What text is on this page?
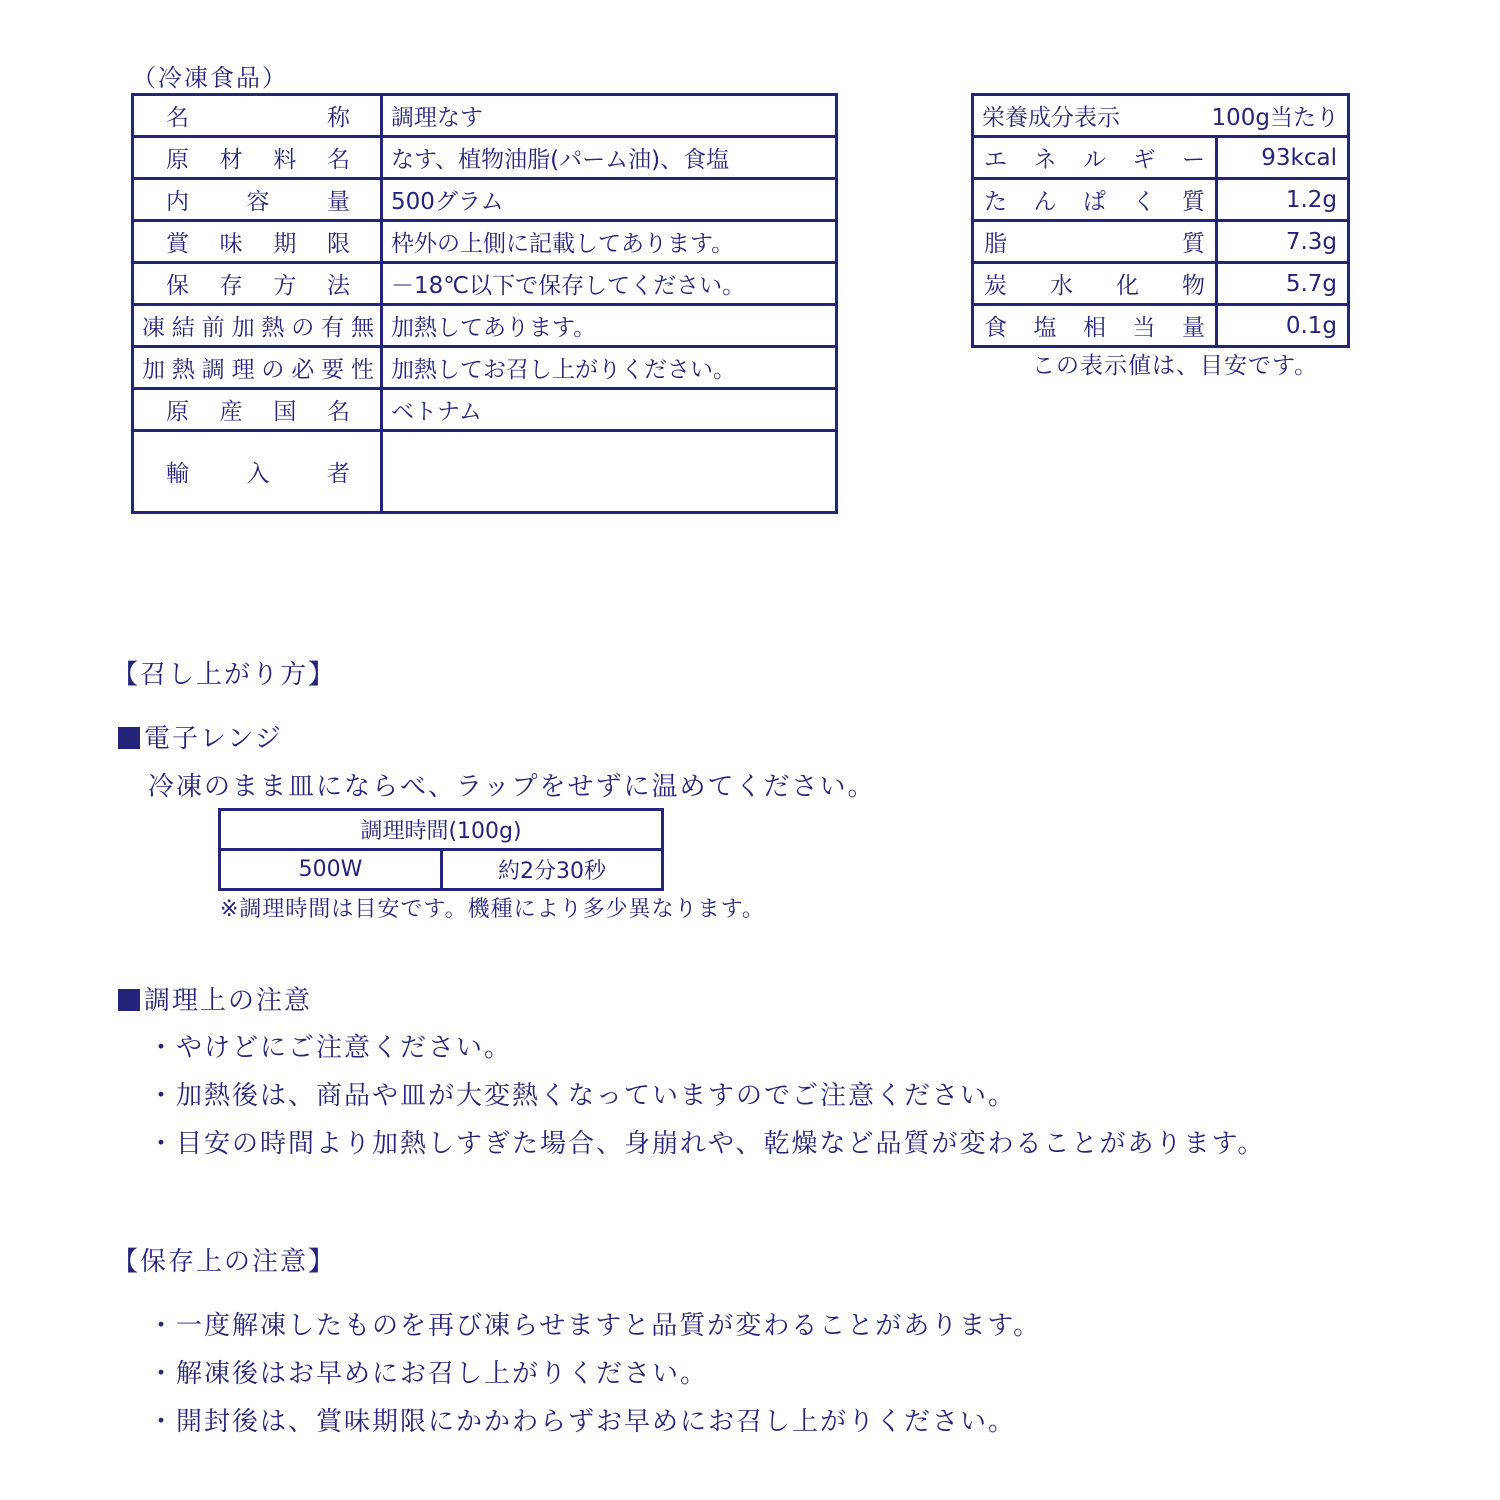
（冷凍食品）
名称	調理なす
原材料名	なす、植物油脂(パーム油)、食塩
内容量	500グラム
賞味期限	枠外の上側に記載してあります。
保存方法	－18℃以下で保存してください。
凍結前加熱の有無	加熱してあります。
加熱調理の必要性	加熱してお召し上がりください。
原産国名	ベトナム
輸入者	
栄養成分表示 100g当たり	

エネルギー	93kcal
たんぱく質	1.2g
脂質	7.3g
炭水化物	5.7g
食塩相当量	0.1g
この表示値は、目安です。
【召し上がり方】
電子レンジ
冷凍のまま皿にならべ、ラップをせずに温めてください。
調理時間(100g)
500W	約2分30秒
※調理時間は目安です。機種により多少異なります。
調理上の注意
・やけどにご注意ください。
・加熱後は、商品や皿が大変熱くなっていますのでご注意ください。
・目安の時間より加熱しすぎた場合、身崩れや、乾燥など品質が変わることがあります。
【保存上の注意】
・一度解凍したものを再び凍らせますと品質が変わることがあります。
・解凍後はお早めにお召し上がりください。
・開封後は、賞味期限にかかわらずお早めにお召し上がりください。
